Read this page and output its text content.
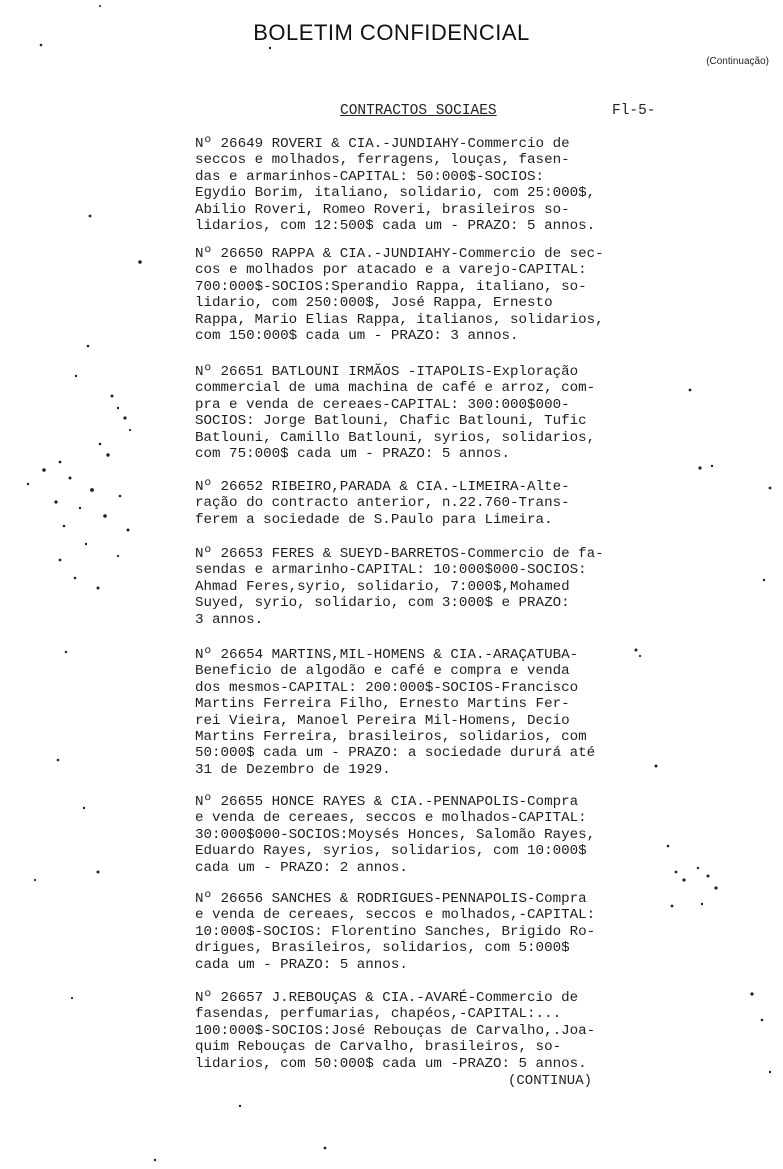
BOLETIM CONFIDENCIAL
(Continuação)
CONTRACTOS SOCIAES	Fl-5-
Nº 26649 ROVERI & CIA.-JUNDIAHY-Commercio de
seccos e molhados, ferragens, louças, fasen-
das e armarinhos-CAPITAL: 50:000$-SOCIOS:
Egydio Borim, italiano, solidario, com 25:000$,
Abilio Roveri, Romeo Roveri, brasileiros so-
lidarios, com 12:500$ cada um - PRAZO: 5 annos.
Nº 26650 RAPPA & CIA.-JUNDIAHY-Commercio de sec-
cos e molhados por atacado e a varejo-CAPITAL:
700:000$-SOCIOS:Sperandio Rappa, italiano, so-
lidario, com 250:000$, José Rappa, Ernesto
Rappa, Mario Elias Rappa, italianos, solidarios,
com 150:000$ cada um - PRAZO: 3 annos.
Nº 26651 BATLOUNI IRMÃOS -ITAPOLIS-Exploração
commercial de uma machina de café e arroz, com-
pra e venda de cereaes-CAPITAL: 300:000$000-
SOCIOS: Jorge Batlouni, Chafic Batlouni, Tufic
Batlouni, Camillo Batlouni, syrios, solidarios,
com 75:000$ cada um - PRAZO: 5 annos.
Nº 26652 RIBEIRO,PARADA & CIA.-LIMEIRA-Alte-
ração do contracto anterior, n.22.760-Trans-
ferem a sociedade de S.Paulo para Limeira.
Nº 26653 FERES & SUEYD-BARRETOS-Commercio de fa-
sendas e armarinho-CAPITAL: 10:000$000-SOCIOS:
Ahmad Feres,syrio, solidario, 7:000$,Mohamed
Suyed, syrio, solidario, com 3:000$ e PRAZO:
3 annos.
Nº 26654 MARTINS,MIL-HOMENS & CIA.-ARAÇATUBA-
Beneficio de algodão e café e compra e venda
dos mesmos-CAPITAL: 200:000$-SOCIOS-Francisco
Martins Ferreira Filho, Ernesto Martins Fer-
rei Vieira, Manoel Pereira Mil-Homens, Decio
Martins Ferreira, brasileiros, solidarios, com
50:000$ cada um - PRAZO: a sociedade dururá até
31 de Dezembro de 1929.
Nº 26655 HONCE RAYES & CIA.-PENNAPOLIS-Compra
e venda de cereaes, seccos e molhados-CAPITAL:
30:000$000-SOCIOS:Moysés Honces, Salomão Rayes,
Eduardo Rayes, syrios, solidarios, com 10:000$
cada um - PRAZO: 2 annos.
Nº 26656 SANCHES & RODRIGUES-PENNAPOLIS-Compra
e venda de cereaes, seccos e molhados,-CAPITAL:
10:000$-SOCIOS: Florentino Sanches, Brigido Ro-
drigues, Brasileiros, solidarios, com 5:000$
cada um - PRAZO: 5 annos.
Nº 26657 J.REBOUÇAS & CIA.-AVARÉ-Commercio de
fasendas, perfumarias, chapéos,-CAPITAL:...
100:000$-SOCIOS:José Rebouças de Carvalho,.Joa-
quim Rebouças de Carvalho, brasileiros, so-
lidarios, com 50:000$ cada um -PRAZO: 5 annos.
(CONTINUA)
